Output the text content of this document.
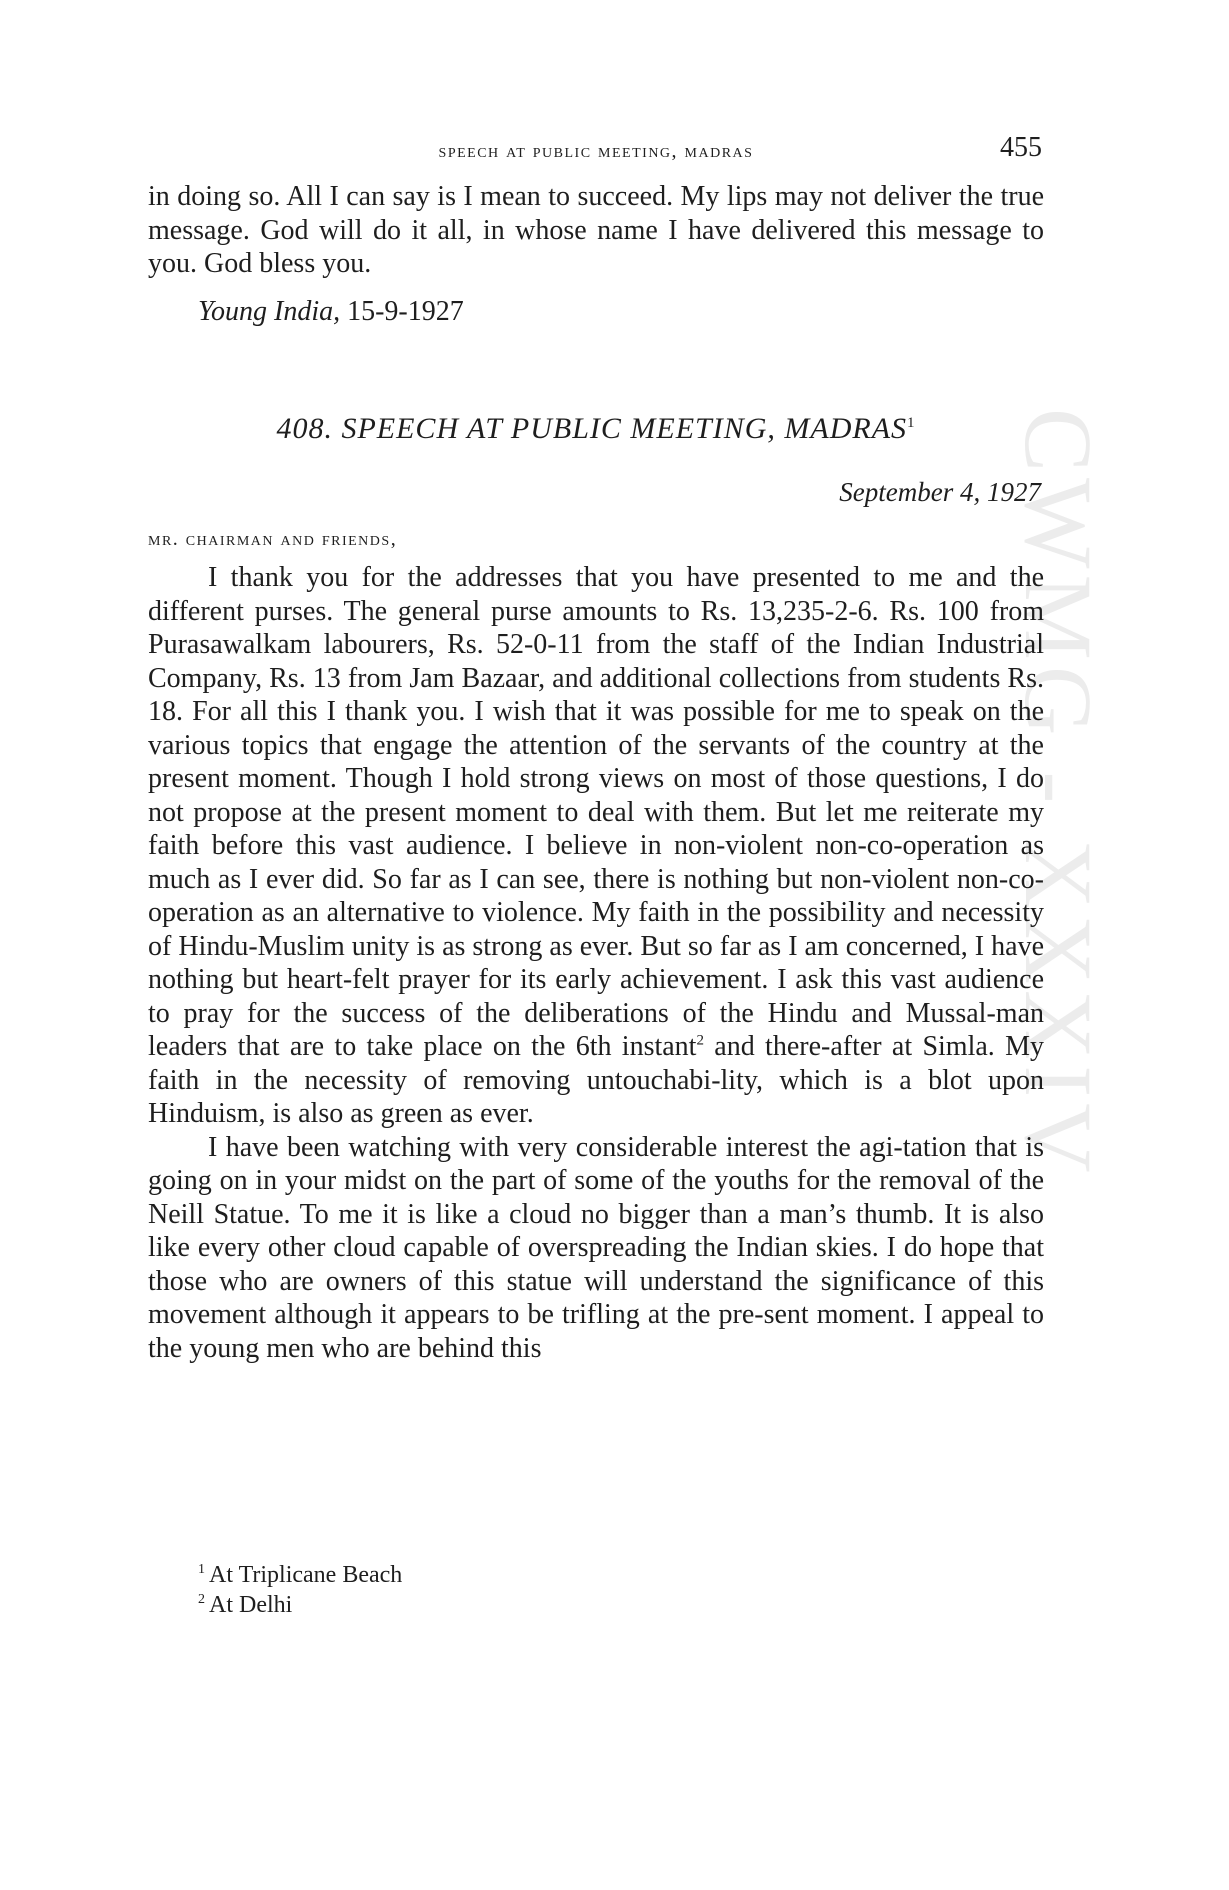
CWMG - XXXIV
speech at public meeting, madras	455

in doing so. All I can say is I mean to succeed. My lips may not deliver the true message. God will do it all, in whose name I have delivered this message to you. God bless you.

Young India, 15-9-1927
408. SPEECH AT PUBLIC MEETING, MADRAS$^1$
September 4, 1927
mr. chairman and friends,

I thank you for the addresses that you have presented to me and the different purses. The general purse amounts to Rs. 13,235-2-6. Rs. 100 from Purasawalkam labourers, Rs. 52-0-11 from the staff of the Indian Industrial Company, Rs. 13 from Jam Bazaar, and additional collections from students Rs. 18. For all this I thank you. I wish that it was possible for me to speak on the various topics that engage the attention of the servants of the country at the present moment. Though I hold strong views on most of those questions, I do not propose at the present moment to deal with them. But let me reiterate my faith before this vast audience. I believe in non-violent non-co-operation as much as I ever did. So far as I can see, there is nothing but non-violent non-co-operation as an alternative to violence. My faith in the possibility and necessity of Hindu-Muslim unity is as strong as ever. But so far as I am concerned, I have nothing but heart-felt prayer for its early achievement. I ask this vast audience to pray for the success of the deliberations of the Hindu and Mussal-man leaders that are to take place on the 6th instant$^2$ and there-after at Simla. My faith in the necessity of removing untouchabi-lity, which is a blot upon Hinduism, is also as green as ever.

I have been watching with very considerable interest the agi-tation that is going on in your midst on the part of some of the youths for the removal of the Neill Statue. To me it is like a cloud no bigger than a man’s thumb. It is also like every other cloud capable of overspreading the Indian skies. I do hope that those who are owners of this statue will understand the significance of this movement although it appears to be trifling at the pre-sent moment. I appeal to the young men who are behind this

$^1$ At Triplicane Beach
$^2$ At Delhi
